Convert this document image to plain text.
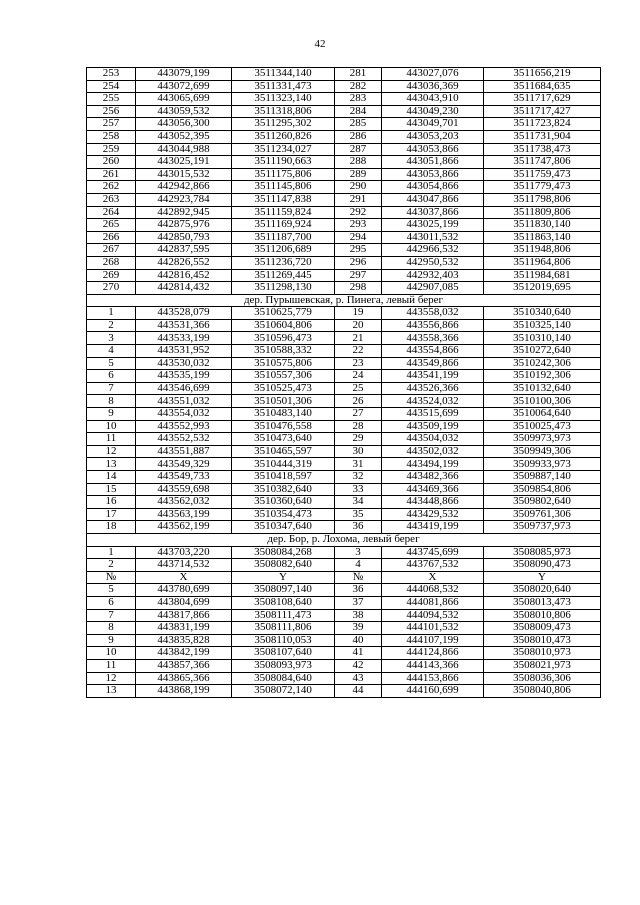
42
253	443079,199	3511344,140	281	443027,076	3511656,219
254	443072,699	3511331,473	282	443036,369	3511684,635
255	443065,699	3511323,140	283	443043,910	3511717,629
256	443059,532	3511318,806	284	443049,230	3511717,427
257	443056,300	3511295,302	285	443049,701	3511723,824
258	443052,395	3511260,826	286	443053,203	3511731,904
259	443044,988	3511234,027	287	443053,866	3511738,473
260	443025,191	3511190,663	288	443051,866	3511747,806
261	443015,532	3511175,806	289	443053,866	3511759,473
262	442942,866	3511145,806	290	443054,866	3511779,473
263	442923,784	3511147,838	291	443047,866	3511798,806
264	442892,945	3511159,824	292	443037,866	3511809,806
265	442875,976	3511169,924	293	443025,199	3511830,140
266	442850,793	3511187,700	294	443011,532	3511863,140
267	442837,595	3511206,689	295	442966,532	3511948,806
268	442826,552	3511236,720	296	442950,532	3511964,806
269	442816,452	3511269,445	297	442932,403	3511984,681
270	442814,432	3511298,130	298	442907,085	3512019,695
дер. Пурышевская, р. Пинега, левый берег					
1	443528,079	3510625,779	19	443558,032	3510340,640
2	443531,366	3510604,806	20	443556,866	3510325,140
3	443533,199	3510596,473	21	443558,366	3510310,140
4	443531,952	3510588,332	22	443554,866	3510272,640
5	443530,032	3510575,806	23	443549,866	3510242,306
6	443535,199	3510557,306	24	443541,199	3510192,306
7	443546,699	3510525,473	25	443526,366	3510132,640
8	443551,032	3510501,306	26	443524,032	3510100,306
9	443554,032	3510483,140	27	443515,699	3510064,640
10	443552,993	3510476,558	28	443509,199	3510025,473
11	443552,532	3510473,640	29	443504,032	3509973,973
12	443551,887	3510465,597	30	443502,032	3509949,306
13	443549,329	3510444,319	31	443494,199	3509933,973
14	443549,733	3510418,597	32	443482,366	3509887,140
15	443559,698	3510382,640	33	443469,366	3509854,806
16	443562,032	3510360,640	34	443448,866	3509802,640
17	443563,199	3510354,473	35	443429,532	3509761,306
18	443562,199	3510347,640	36	443419,199	3509737,973
дер. Бор, р. Лохома, левый берег					
1	443703,220	3508084,268	3	443745,699	3508085,973
2	443714,532	3508082,640	4	443767,532	3508090,473
№	X	Y	№	X	Y
5	443780,699	3508097,140	36	444068,532	3508020,640
6	443804,699	3508108,640	37	444081,866	3508013,473
7	443817,866	3508111,473	38	444094,532	3508010,806
8	443831,199	3508111,806	39	444101,532	3508009,473
9	443835,828	3508110,053	40	444107,199	3508010,473
10	443842,199	3508107,640	41	444124,866	3508010,973
11	443857,366	3508093,973	42	444143,366	3508021,973
12	443865,366	3508084,640	43	444153,866	3508036,306
13	443868,199	3508072,140	44	444160,699	3508040,806
